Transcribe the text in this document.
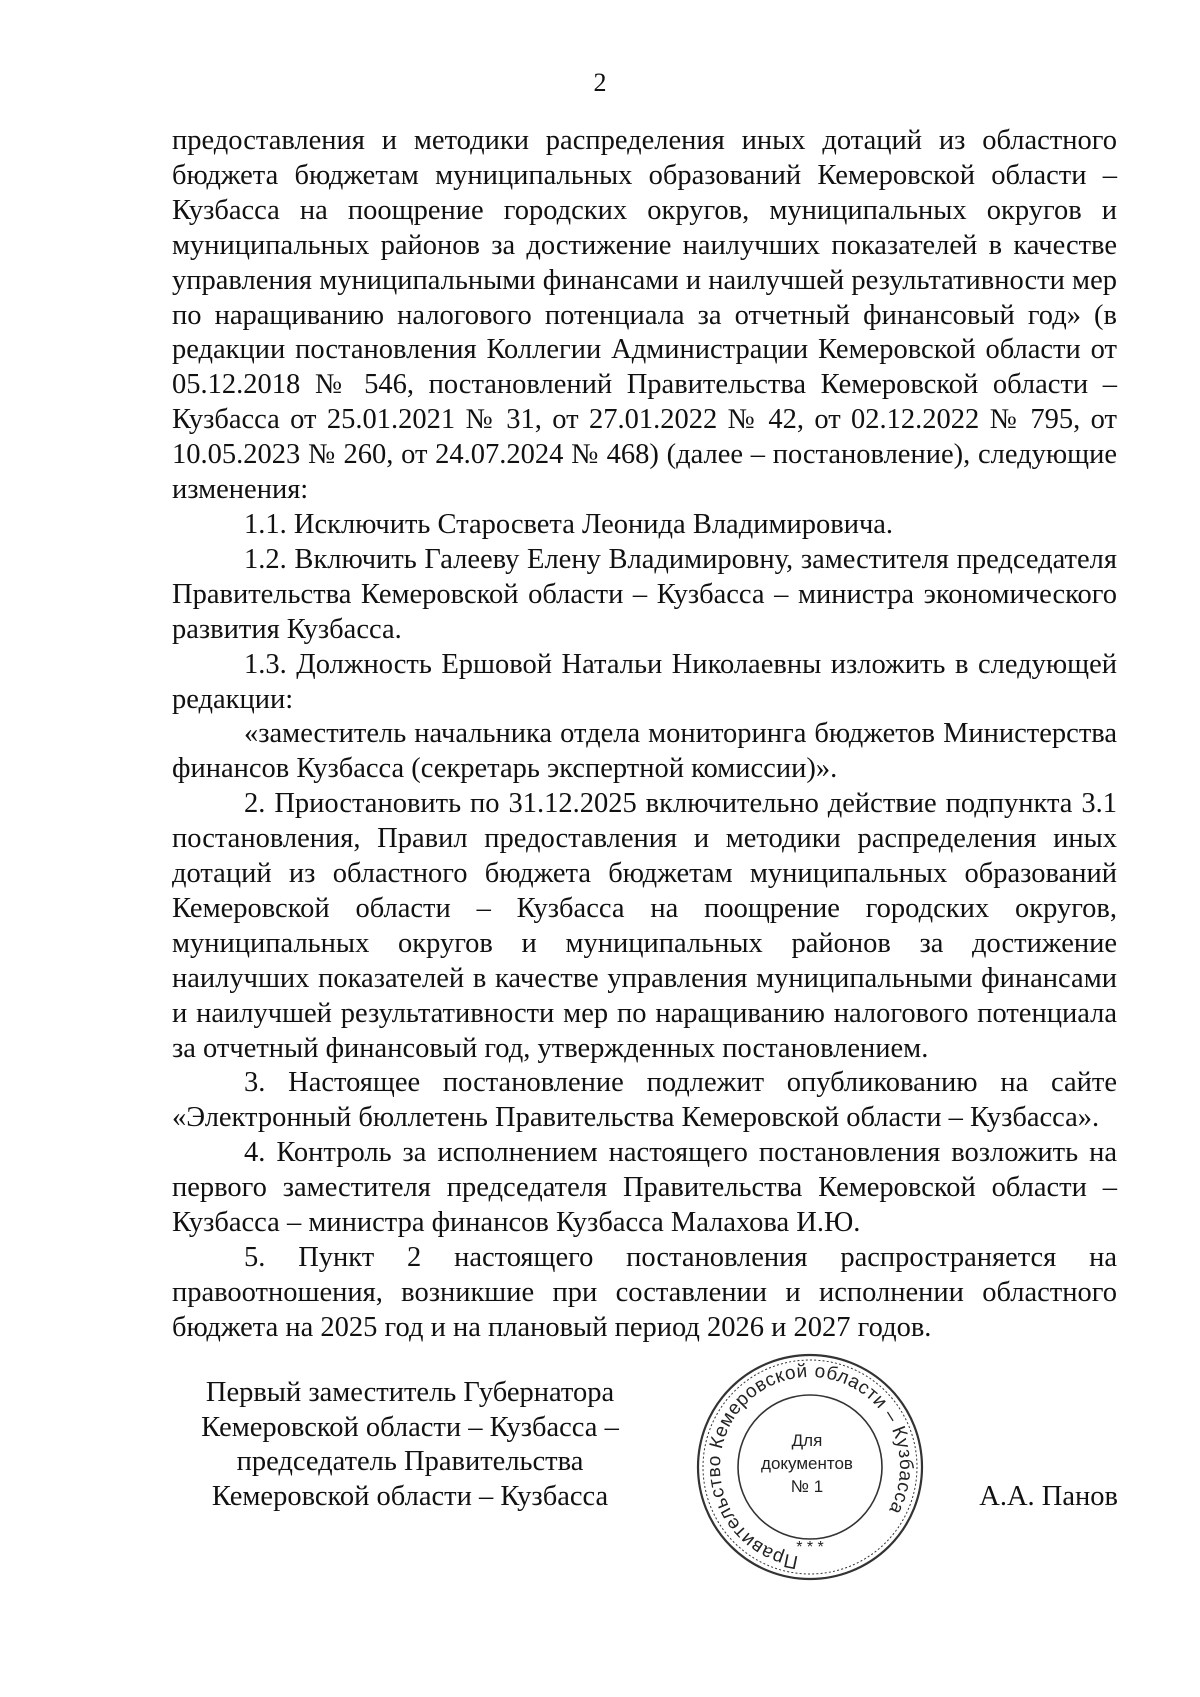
2

предоставления и методики распределения иных дотаций из областного бюджета бюджетам муниципальных образований Кемеровской области – Кузбасса на поощрение городских округов, муниципальных округов и муниципальных районов за достижение наилучших показателей в качестве управления муниципальными финансами и наилучшей результативности мер по наращиванию налогового потенциала за отчетный финансовый год» (в редакции постановления Коллегии Администрации Кемеровской области от 05.12.2018 № 546, постановлений Правительства Кемеровской области – Кузбасса от 25.01.2021 № 31, от 27.01.2022 № 42, от 02.12.2022 № 795, от 10.05.2023 № 260, от 24.07.2024 № 468) (далее – постановление), следующие изменения:

1.1. Исключить Старосвета Леонида Владимировича.

1.2. Включить Галееву Елену Владимировну, заместителя председателя Правительства Кемеровской области – Кузбасса – министра экономического развития Кузбасса.

1.3. Должность Ершовой Натальи Николаевны изложить в следующей редакции:

«заместитель начальника отдела мониторинга бюджетов Министерства финансов Кузбасса (секретарь экспертной комиссии)».

2. Приостановить по 31.12.2025 включительно действие подпункта 3.1 постановления, Правил предоставления и методики распределения иных дотаций из областного бюджета бюджетам муниципальных образований Кемеровской области – Кузбасса на поощрение городских округов, муниципальных округов и муниципальных районов за достижение наилучших показателей в качестве управления муниципальными финансами и наилучшей результативности мер по наращиванию налогового потенциала за отчетный финансовый год, утвержденных постановлением.

3. Настоящее постановление подлежит опубликованию на сайте «Электронный бюллетень Правительства Кемеровской области – Кузбасса».

4. Контроль за исполнением настоящего постановления возложить на первого заместителя председателя Правительства Кемеровской области – Кузбасса – министра финансов Кузбасса Малахова И.Ю.

5. Пункт 2 настоящего постановления распространяется на правоотношения, возникшие при составлении и исполнении областного бюджета на 2025 год и на плановый период 2026 и 2027 годов.

Первый заместитель Губернатора
Кемеровской области – Кузбасса –
председатель Правительства
Кемеровской области – Кузбасса
Правительство Кемеровской области – Кузбасса
* * *
Для
документов
№ 1	А.А. Панов
